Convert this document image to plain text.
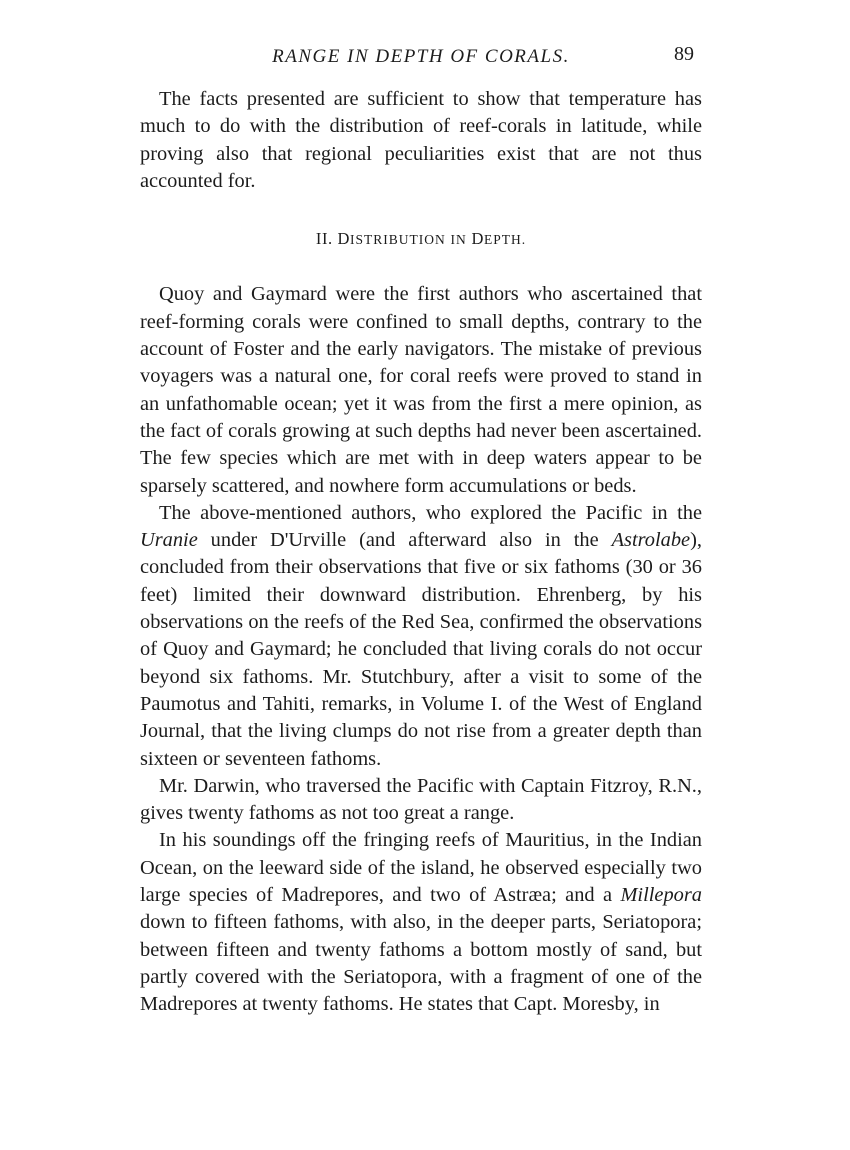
RANGE IN DEPTH OF CORALS.	89

The facts presented are sufficient to show that temperature has much to do with the distribution of reef-corals in latitude, while proving also that regional peculiarities exist that are not thus accounted for.

II. DISTRIBUTION IN DEPTH.

Quoy and Gaymard were the first authors who ascertained that reef-forming corals were confined to small depths, contrary to the account of Foster and the early navigators. The mistake of previous voyagers was a natural one, for coral reefs were proved to stand in an unfathomable ocean; yet it was from the first a mere opinion, as the fact of corals growing at such depths had never been ascertained. The few species which are met with in deep waters appear to be sparsely scattered, and nowhere form accumulations or beds.

The above-mentioned authors, who explored the Pacific in the Uranie under D'Urville (and afterward also in the Astrolabe), concluded from their observations that five or six fathoms (30 or 36 feet) limited their downward distribution. Ehrenberg, by his observations on the reefs of the Red Sea, confirmed the observations of Quoy and Gaymard; he concluded that living corals do not occur beyond six fathoms. Mr. Stutchbury, after a visit to some of the Paumotus and Tahiti, remarks, in Volume I. of the West of England Journal, that the living clumps do not rise from a greater depth than sixteen or seventeen fathoms.

Mr. Darwin, who traversed the Pacific with Captain Fitzroy, R.N., gives twenty fathoms as not too great a range.

In his soundings off the fringing reefs of Mauritius, in the Indian Ocean, on the leeward side of the island, he observed especially two large species of Madrepores, and two of Astræa; and a Millepora down to fifteen fathoms, with also, in the deeper parts, Seriatopora; between fifteen and twenty fathoms a bottom mostly of sand, but partly covered with the Seriatopora, with a fragment of one of the Madrepores at twenty fathoms. He states that Capt. Moresby, in
